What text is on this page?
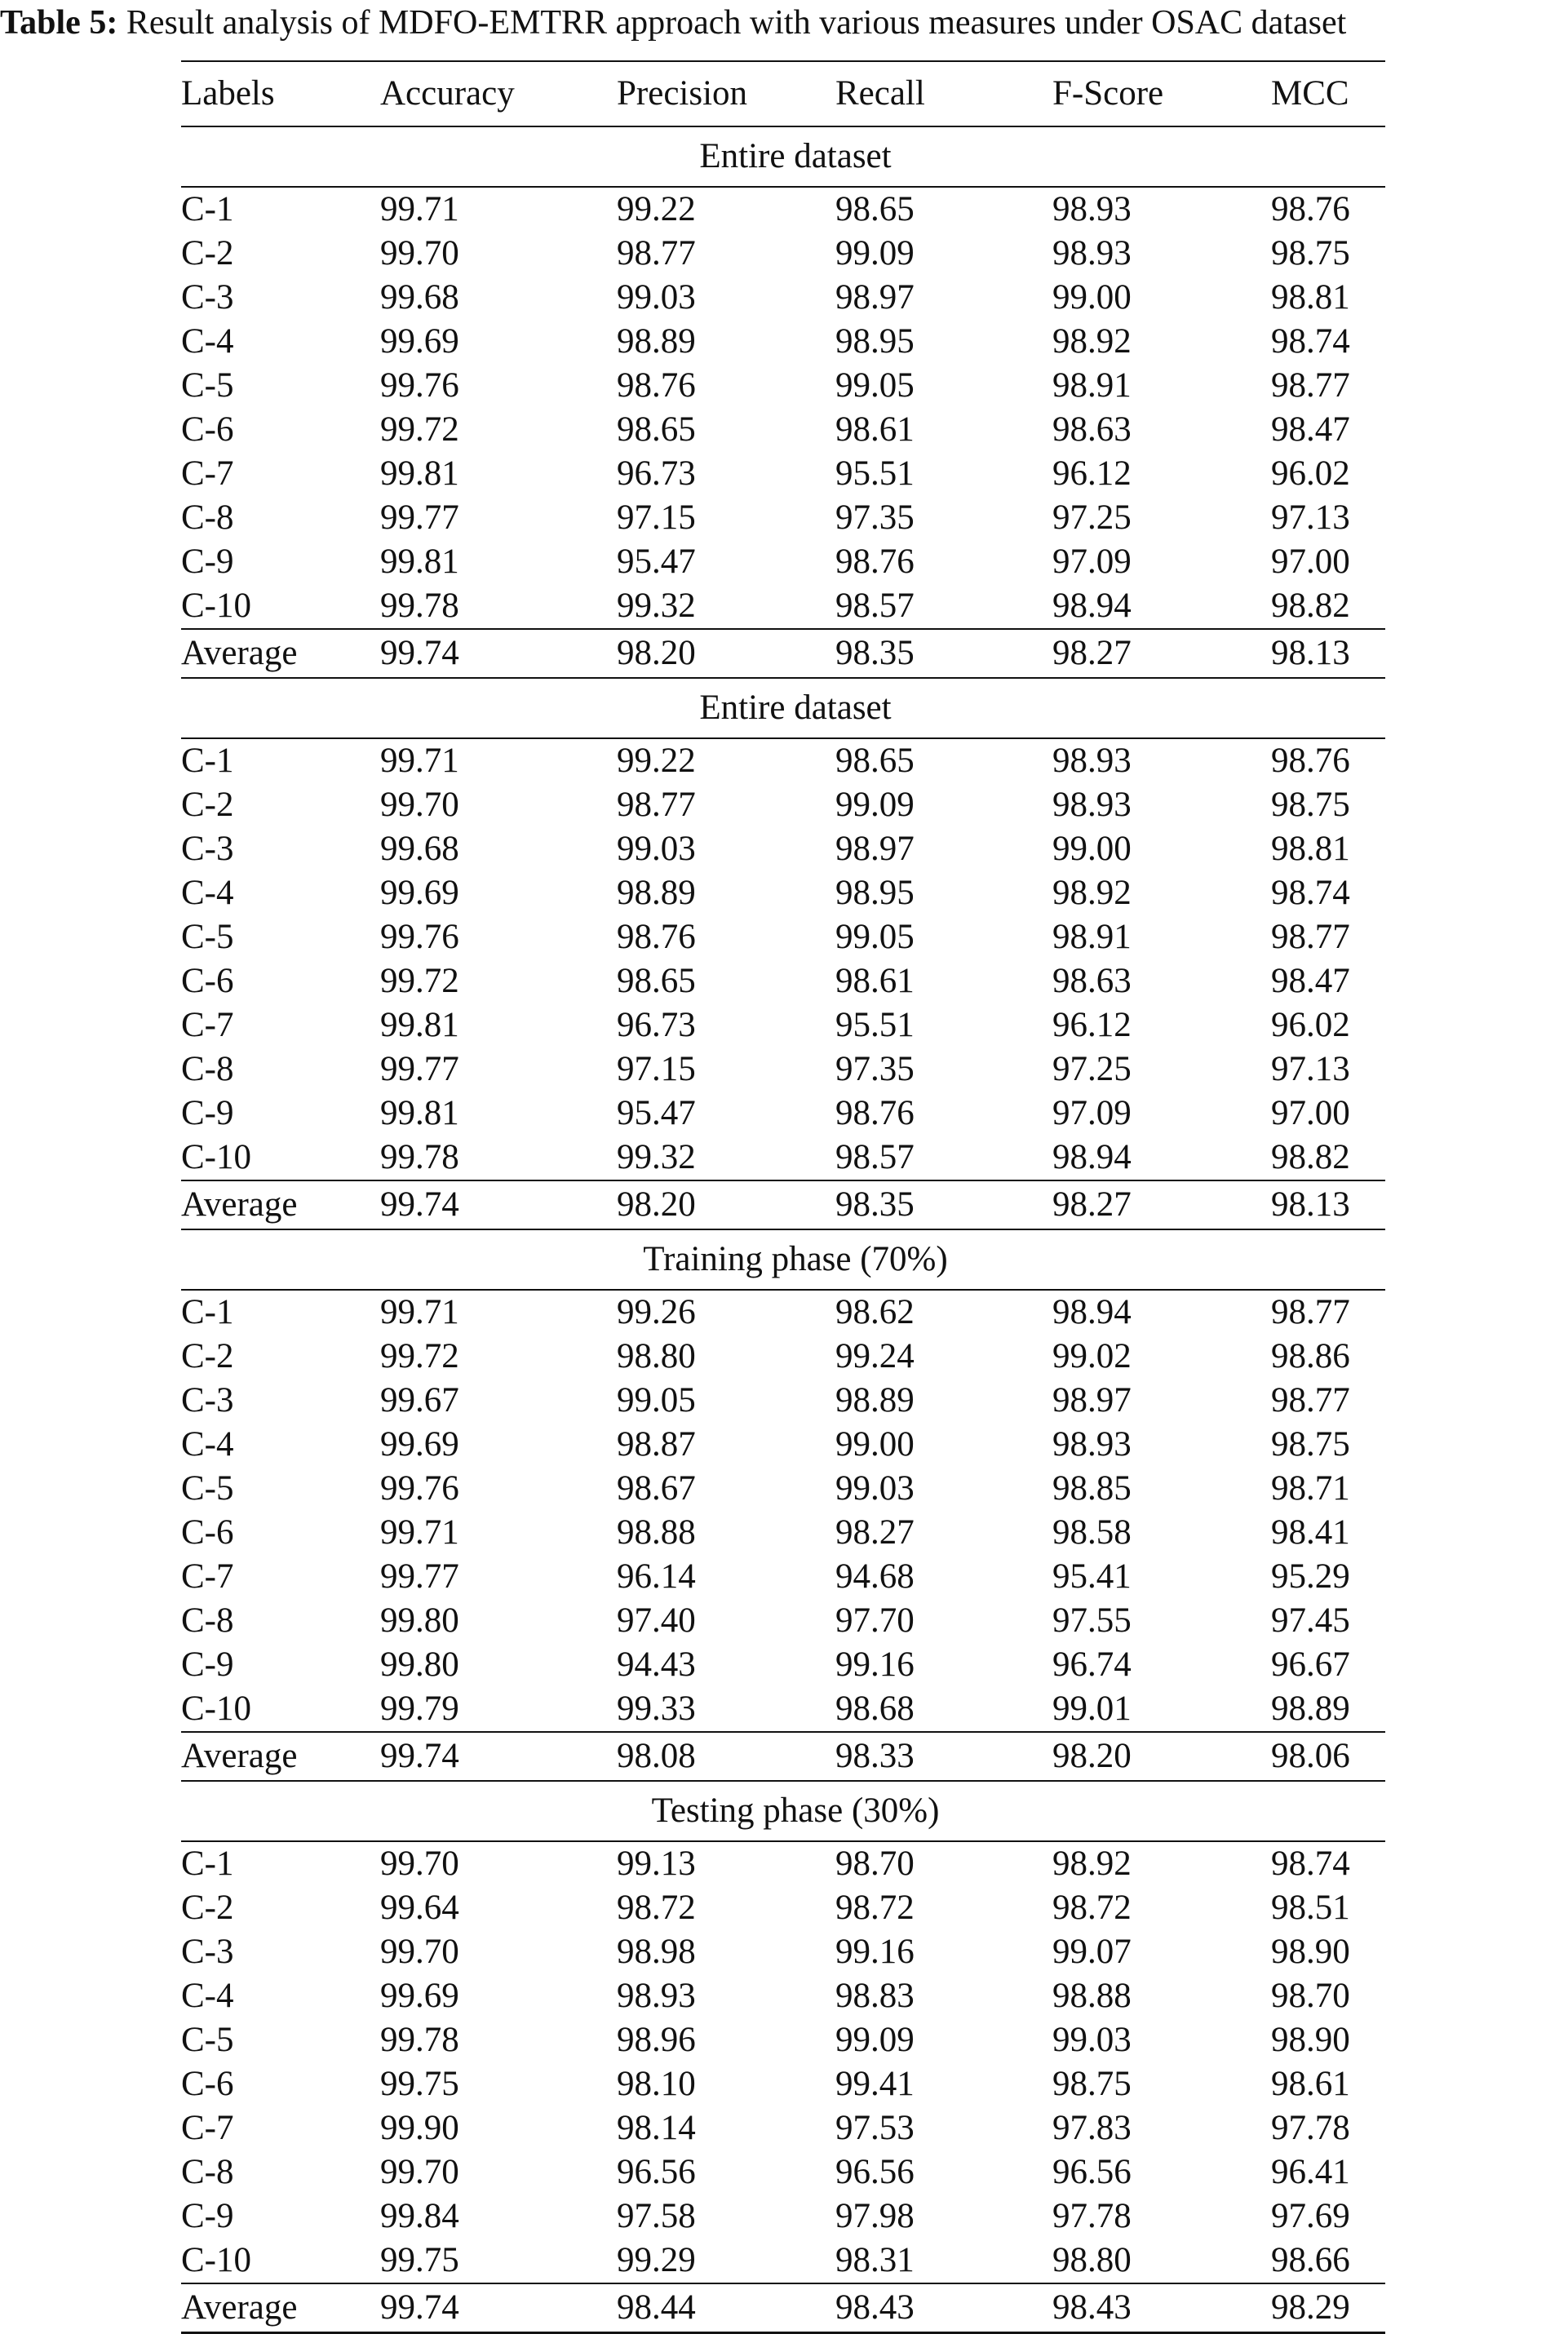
Table 5: Result analysis of MDFO-EMTRR approach with various measures under OSAC dataset
Labels	Accuracy	Precision	Recall	F-Score	MCC
Entire dataset
C-1	99.71	99.22	98.65	98.93	98.76
C-2	99.70	98.77	99.09	98.93	98.75
C-3	99.68	99.03	98.97	99.00	98.81
C-4	99.69	98.89	98.95	98.92	98.74
C-5	99.76	98.76	99.05	98.91	98.77
C-6	99.72	98.65	98.61	98.63	98.47
C-7	99.81	96.73	95.51	96.12	96.02
C-8	99.77	97.15	97.35	97.25	97.13
C-9	99.81	95.47	98.76	97.09	97.00
C-10	99.78	99.32	98.57	98.94	98.82
Average	99.74	98.20	98.35	98.27	98.13
Entire dataset
C-1	99.71	99.22	98.65	98.93	98.76
C-2	99.70	98.77	99.09	98.93	98.75
C-3	99.68	99.03	98.97	99.00	98.81
C-4	99.69	98.89	98.95	98.92	98.74
C-5	99.76	98.76	99.05	98.91	98.77
C-6	99.72	98.65	98.61	98.63	98.47
C-7	99.81	96.73	95.51	96.12	96.02
C-8	99.77	97.15	97.35	97.25	97.13
C-9	99.81	95.47	98.76	97.09	97.00
C-10	99.78	99.32	98.57	98.94	98.82
Average	99.74	98.20	98.35	98.27	98.13
Training phase (70%)
C-1	99.71	99.26	98.62	98.94	98.77
C-2	99.72	98.80	99.24	99.02	98.86
C-3	99.67	99.05	98.89	98.97	98.77
C-4	99.69	98.87	99.00	98.93	98.75
C-5	99.76	98.67	99.03	98.85	98.71
C-6	99.71	98.88	98.27	98.58	98.41
C-7	99.77	96.14	94.68	95.41	95.29
C-8	99.80	97.40	97.70	97.55	97.45
C-9	99.80	94.43	99.16	96.74	96.67
C-10	99.79	99.33	98.68	99.01	98.89
Average	99.74	98.08	98.33	98.20	98.06
Testing phase (30%)
C-1	99.70	99.13	98.70	98.92	98.74
C-2	99.64	98.72	98.72	98.72	98.51
C-3	99.70	98.98	99.16	99.07	98.90
C-4	99.69	98.93	98.83	98.88	98.70
C-5	99.78	98.96	99.09	99.03	98.90
C-6	99.75	98.10	99.41	98.75	98.61
C-7	99.90	98.14	97.53	97.83	97.78
C-8	99.70	96.56	96.56	96.56	96.41
C-9	99.84	97.58	97.98	97.78	97.69
C-10	99.75	99.29	98.31	98.80	98.66
Average	99.74	98.44	98.43	98.43	98.29
